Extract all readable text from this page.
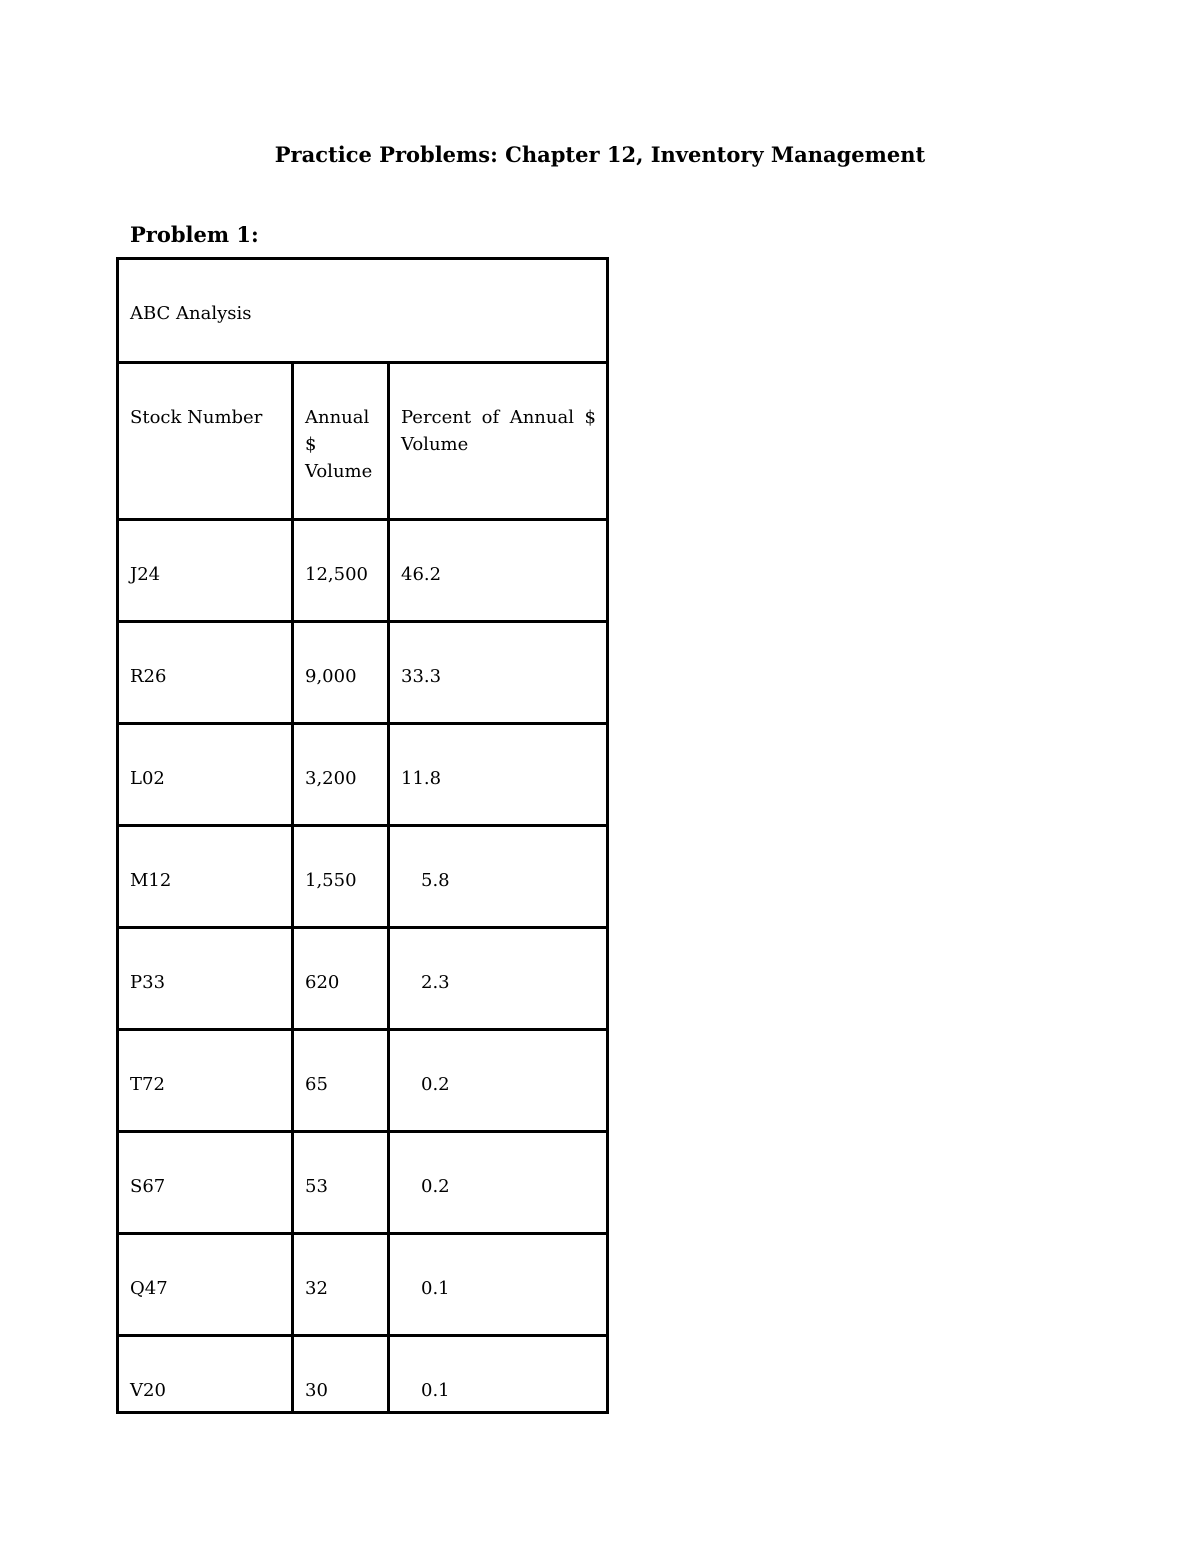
Practice Problems: Chapter 12, Inventory Management
Problem 1:
ABC Analysis		
Stock Number	Annual $ Volume	Percent of Annual $ Volume
J24	12,500	46.2
R26	9,000	33.3
L02	3,200	11.8
M12	1,550	5.8
P33	620	2.3
T72	65	0.2
S67	53	0.2
Q47	32	0.1
V20	30	0.1
